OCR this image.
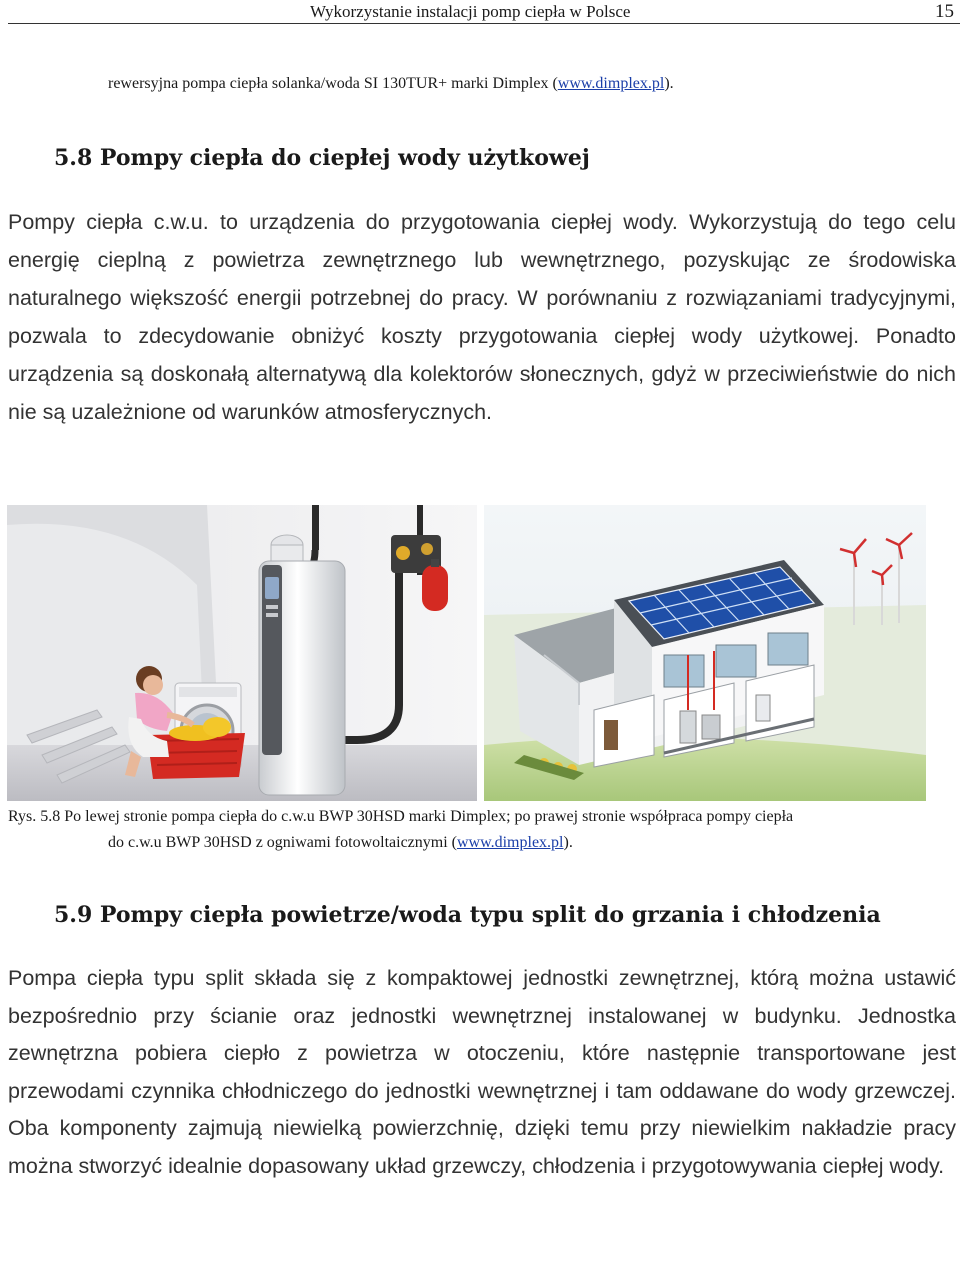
Wykorzystanie instalacji pomp ciepła w Polsce	15
rewersyjna pompa ciepła solanka/woda SI 130TUR+ marki Dimplex (www.dimplex.pl).
5.8 Pompy ciepła do ciepłej wody użytkowej

Pompy ciepła c.w.u. to urządzenia do przygotowania ciepłej wody. Wykorzystują do tego celu energię cieplną z powietrza zewnętrznego lub wewnętrznego, pozyskując ze środowiska naturalnego większość energii potrzebnej do pracy. W porównaniu z rozwiązaniami tradycyjnymi, pozwala to zdecydowanie obniżyć koszty przygotowania ciepłej wody użytkowej. Ponadto urządzenia są doskonałą alternatywą dla kolektorów słonecznych, gdyż w przeciwieństwie do nich nie są uzależnione od warunków atmosferycznych.

Rys. 5.8 Po lewej stronie pompa ciepła do c.w.u BWP 30HSD marki Dimplex; po prawej stronie współpraca pompy ciepła
do c.w.u BWP 30HSD z ogniwami fotowoltaicznymi (www.dimplex.pl).
5.9 Pompy ciepła powietrze/woda typu split do grzania i chłodzenia

Pompa ciepła typu split składa się z kompaktowej jednostki zewnętrznej, którą można ustawić bezpośrednio przy ścianie oraz jednostki wewnętrznej instalowanej w budynku. Jednostka zewnętrzna pobiera ciepło z powietrza w otoczeniu, które następnie transportowane jest przewodami czynnika chłodniczego do jednostki wewnętrznej i tam oddawane do wody grzewczej. Oba komponenty zajmują niewielką powierzchnię, dzięki temu przy niewielkim nakładzie pracy można stworzyć idealnie dopasowany układ grzewczy, chłodzenia i przygotowywania ciepłej wody.
